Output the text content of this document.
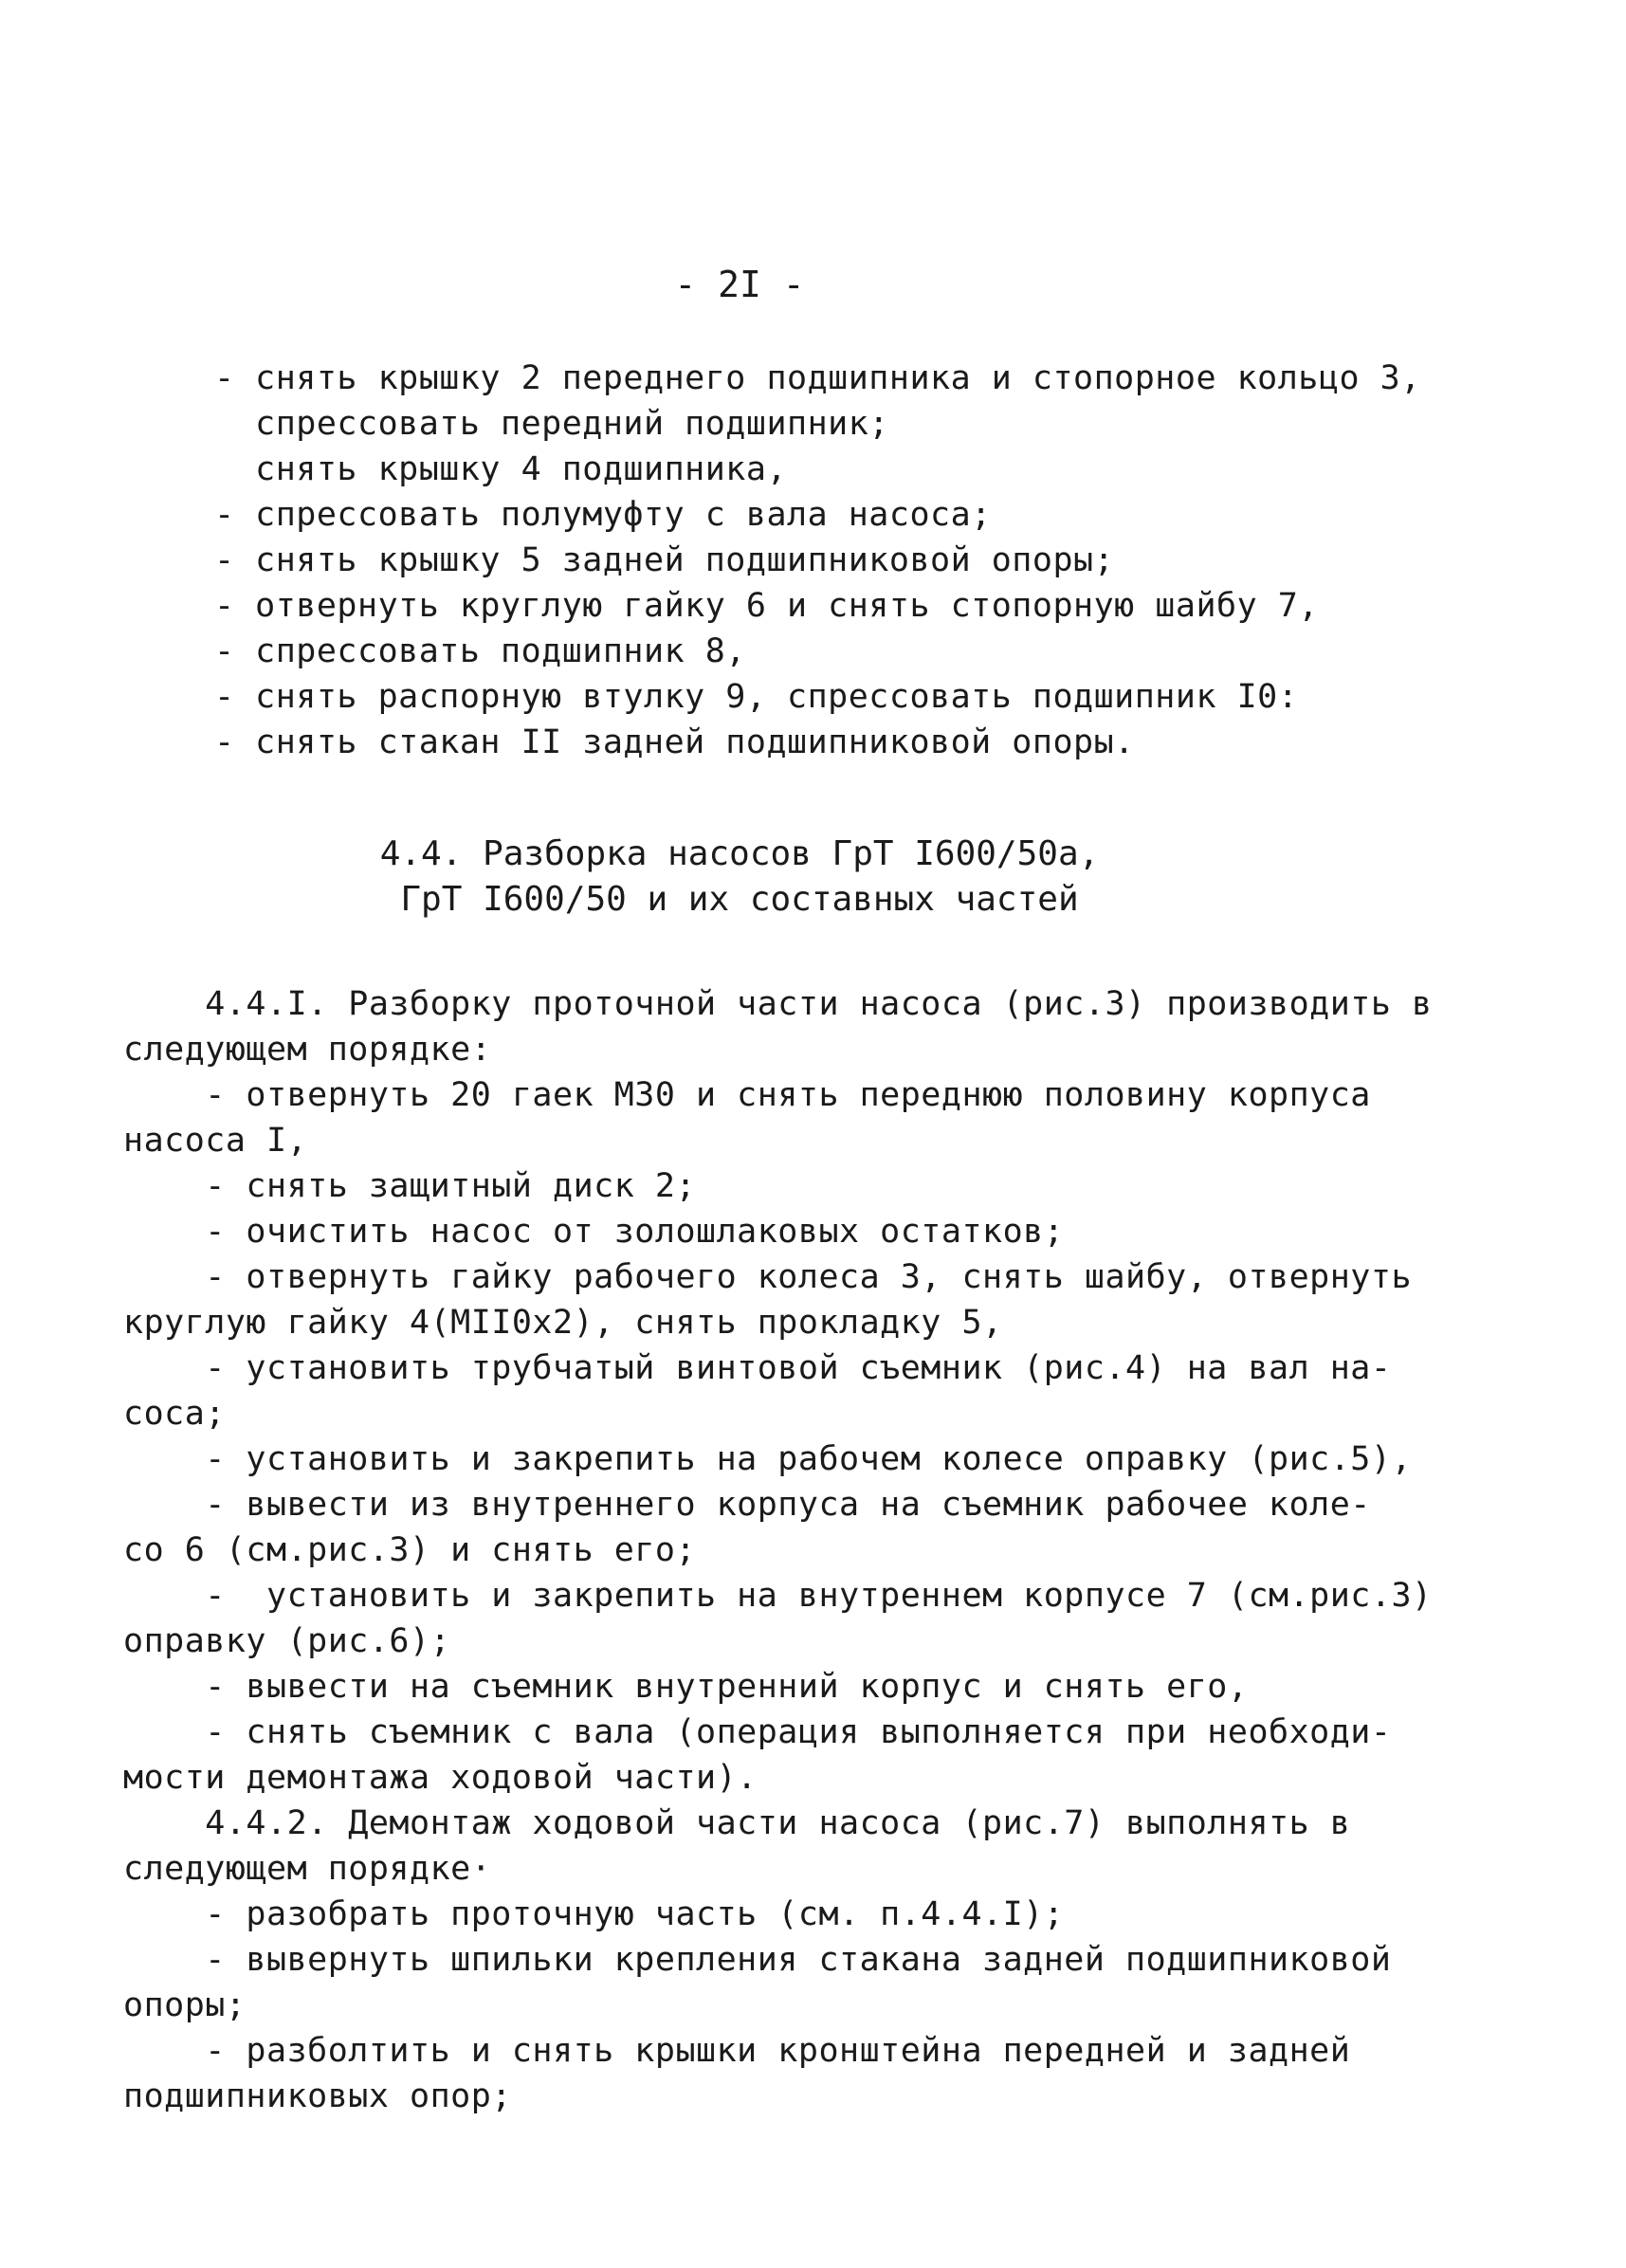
- 2I -
- снять крышку 2 переднего подшипника и стопорное кольцо 3,
спрессовать передний подшипник;
снять крышку 4 подшипника,
- спрессовать полумуфту с вала насоса;
- снять крышку 5 задней подшипниковой опоры;
- отвернуть круглую гайку 6 и снять стопорную шайбу 7,
- спрессовать подшипник 8,
- снять распорную втулку 9, спрессовать подшипник I0:
- снять стакан II задней подшипниковой опоры.
4.4. Разборка насосов ГрТ I600/50а,
ГрТ I600/50 и их составных частей
4.4.I. Разборку проточной части насоса (рис.3) производить в
следующем порядке:
- отвернуть 20 гаек М30 и снять переднюю половину корпуса
насоса I,
- снять защитный диск 2;
- очистить насос от золошлаковых остатков;
- отвернуть гайку рабочего колеса 3, снять шайбу, отвернуть
круглую гайку 4(МII0х2), снять прокладку 5,
- установить трубчатый винтовой съемник (рис.4) на вал на-
соса;
- установить и закрепить на рабочем колесе оправку (рис.5),
- вывести из внутреннего корпуса на съемник рабочее коле-
со 6 (см.рис.3) и снять его;
-  установить и закрепить на внутреннем корпусе 7 (см.рис.3)
оправку (рис.6);
- вывести на съемник внутренний корпус и снять его,
- снять съемник с вала (операция выполняется при необходи-
мости демонтажа ходовой части).
4.4.2. Демонтаж ходовой части насоса (рис.7) выполнять в
следующем порядке·
- разобрать проточную часть (см. п.4.4.I);
- вывернуть шпильки крепления стакана задней подшипниковой
опоры;
- разболтить и снять крышки кронштейна передней и задней
подшипниковых опор;
